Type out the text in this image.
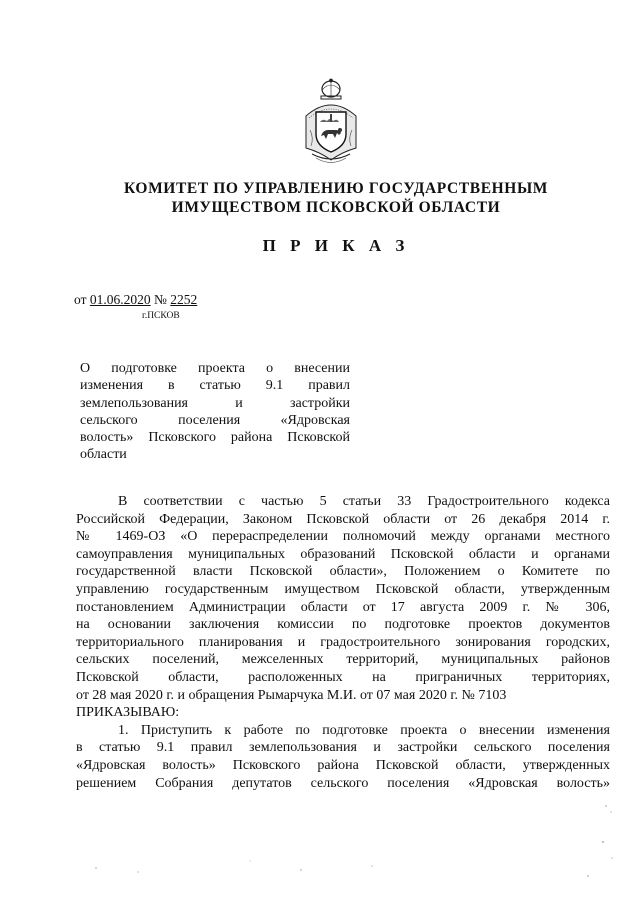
КОМИТЕТ ПО УПРАВЛЕНИЮ ГОСУДАРСТВЕННЫМ
ИМУЩЕСТВОМ ПСКОВСКОЙ ОБЛАСТИ
П Р И К А З
от 01.06.2020 № 2252
г.ПСКОВ
О подготовке проекта о внесении
изменения в статью 9.1 правил
землепользования и застройки
сельского поселения «Ядровская
волость» Псковского района Псковской
области
В соответствии с частью 5 статьи 33 Градостроительного кодекса
Российской Федерации, Законом Псковской области от 26 декабря 2014 г.
№ 1469-ОЗ «О перераспределении полномочий между органами местного
самоуправления муниципальных образований Псковской области и органами
государственной власти Псковской области», Положением о Комитете по
управлению государственным имуществом Псковской области, утвержденным
постановлением Администрации области от 17 августа 2009 г. № 306,
на основании заключения комиссии по подготовке проектов документов
территориального планирования и градостроительного зонирования городских,
сельских поселений, межселенных территорий, муниципальных районов
Псковской области, расположенных на приграничных территориях,
от 28 мая 2020 г. и обращения Рымарчука М.И. от 07 мая 2020 г. № 7103
ПРИКАЗЫВАЮ:
1. Приступить к работе по подготовке проекта о внесении изменения
в статью 9.1 правил землепользования и застройки сельского поселения
«Ядровская волость» Псковского района Псковской области, утвержденных
решением Собрания депутатов сельского поселения «Ядровская волость»
